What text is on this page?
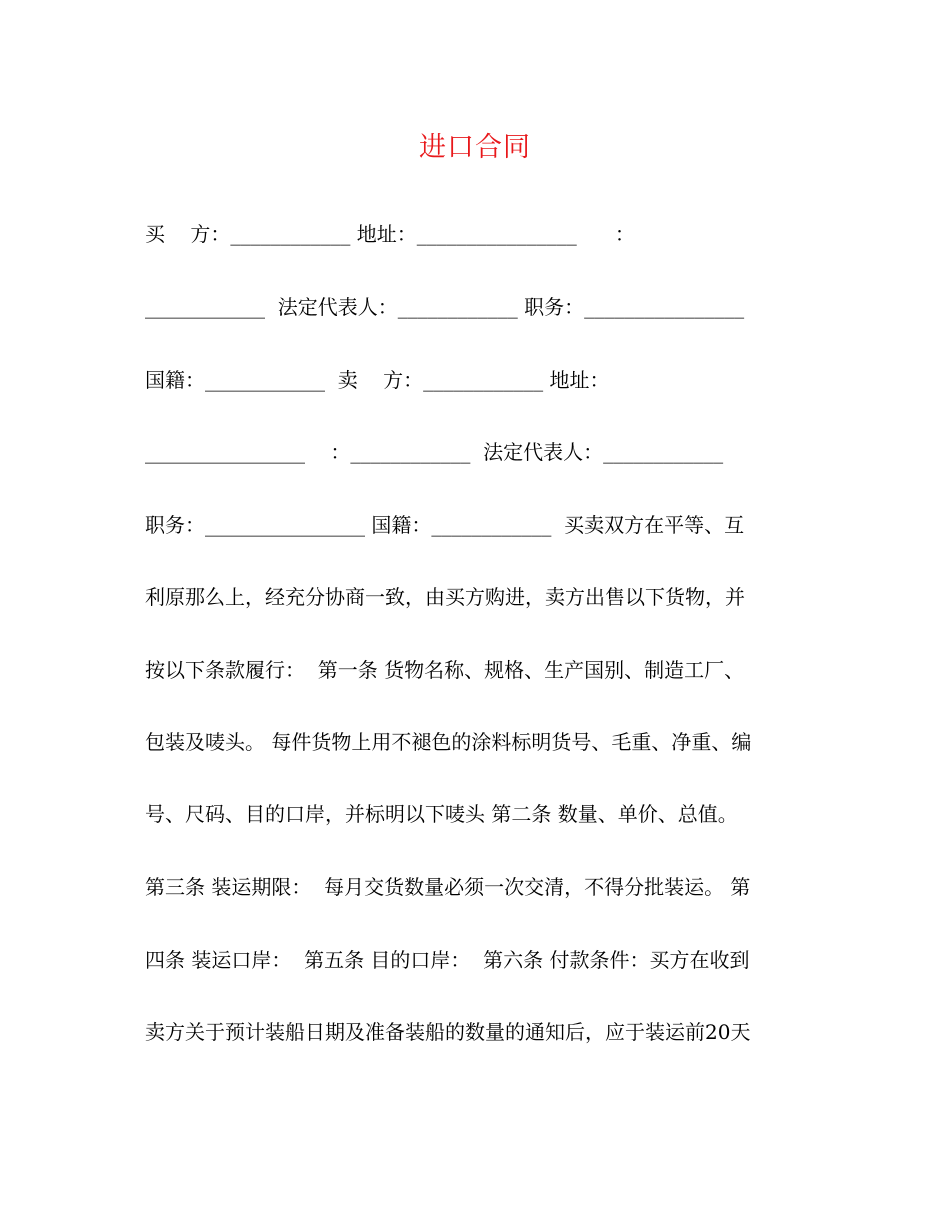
进口合同
买    方：____________ 地址：________________      ：
____________  法定代表人：____________ 职务：________________
国籍：____________  卖    方：____________ 地址：
________________    ：____________  法定代表人：____________
职务：________________ 国籍：____________  买卖双方在平等、互
利原那么上，经充分协商一致，由买方购进，卖方出售以下货物，并
按以下条款履行：  第一条 货物名称、规格、生产国别、制造工厂、
包装及唛头。 每件货物上用不褪色的涂料标明货号、毛重、净重、编
号、尺码、目的口岸，并标明以下唛头 第二条 数量、单价、总值。
第三条 装运期限：  每月交货数量必须一次交清，不得分批装运。 第
四条 装运口岸：  第五条 目的口岸：  第六条 付款条件：买方在收到
卖方关于预计装船日期及准备装船的数量的通知后，应于装运前20天
